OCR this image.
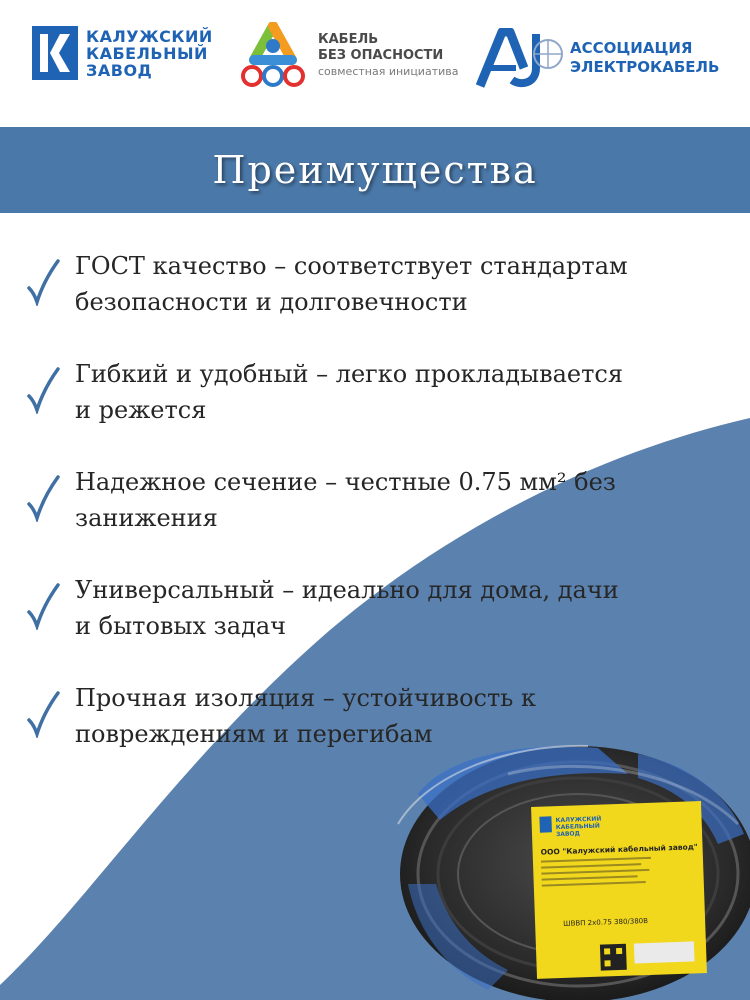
КАЛУЖСКИЙ
КАБЕЛЬНЫЙ
ЗАВОД
КАБЕЛЬ
БЕЗ ОПАСНОСТИ
совместная инициатива
АССОЦИАЦИЯ
ЭЛЕКТРОКАБЕЛЬ
Преимущества
ГОСТ качество – соответствует стандартам
безопасности и долговечности
Гибкий и удобный – легко прокладывается
и режется
Надежное сечение – честные 0.75 мм² без
занижения
Универсальный – идеально для дома, дачи
и бытовых задач
Прочная изоляция – устойчивость к
повреждениям и перегибам
КАЛУЖСКИЙ
КАБЕЛЬНЫЙ
ЗАВОД
ООО "Калужский кабельный завод"
ШВВП 2х0.75 380/380В
